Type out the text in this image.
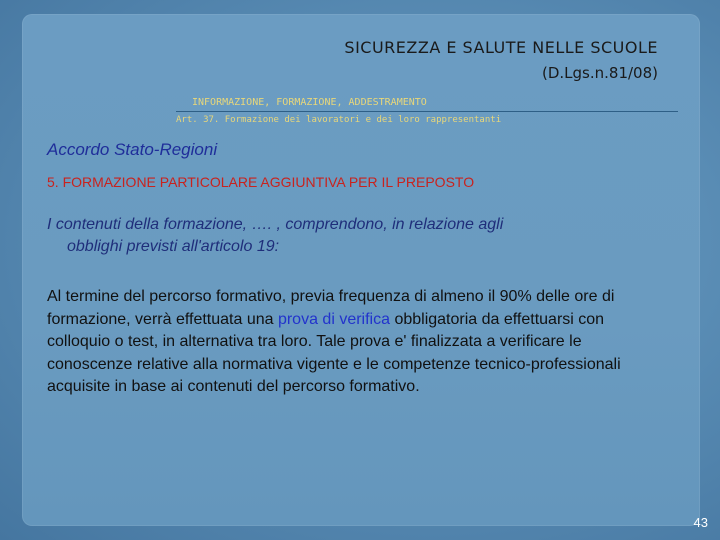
SICUREZZA E SALUTE NELLE SCUOLE
(D.Lgs.n.81/08)
INFORMAZIONE, FORMAZIONE, ADDESTRAMENTO
Art. 37. Formazione dei lavoratori e dei loro rappresentanti
Accordo Stato-Regioni
5. FORMAZIONE PARTICOLARE AGGIUNTIVA PER IL PREPOSTO
I contenuti della formazione, …. , comprendono, in relazione agli
obblighi previsti all'articolo 19:
Al termine del percorso formativo, previa frequenza di almeno il 90% delle ore di formazione, verrà effettuata una prova di verifica obbligatoria da effettuarsi con colloquio o test, in alternativa tra loro. Tale prova e' finalizzata a verificare le conoscenze relative alla normativa vigente e le competenze tecnico-professionali acquisite in base ai contenuti del percorso formativo.
43
